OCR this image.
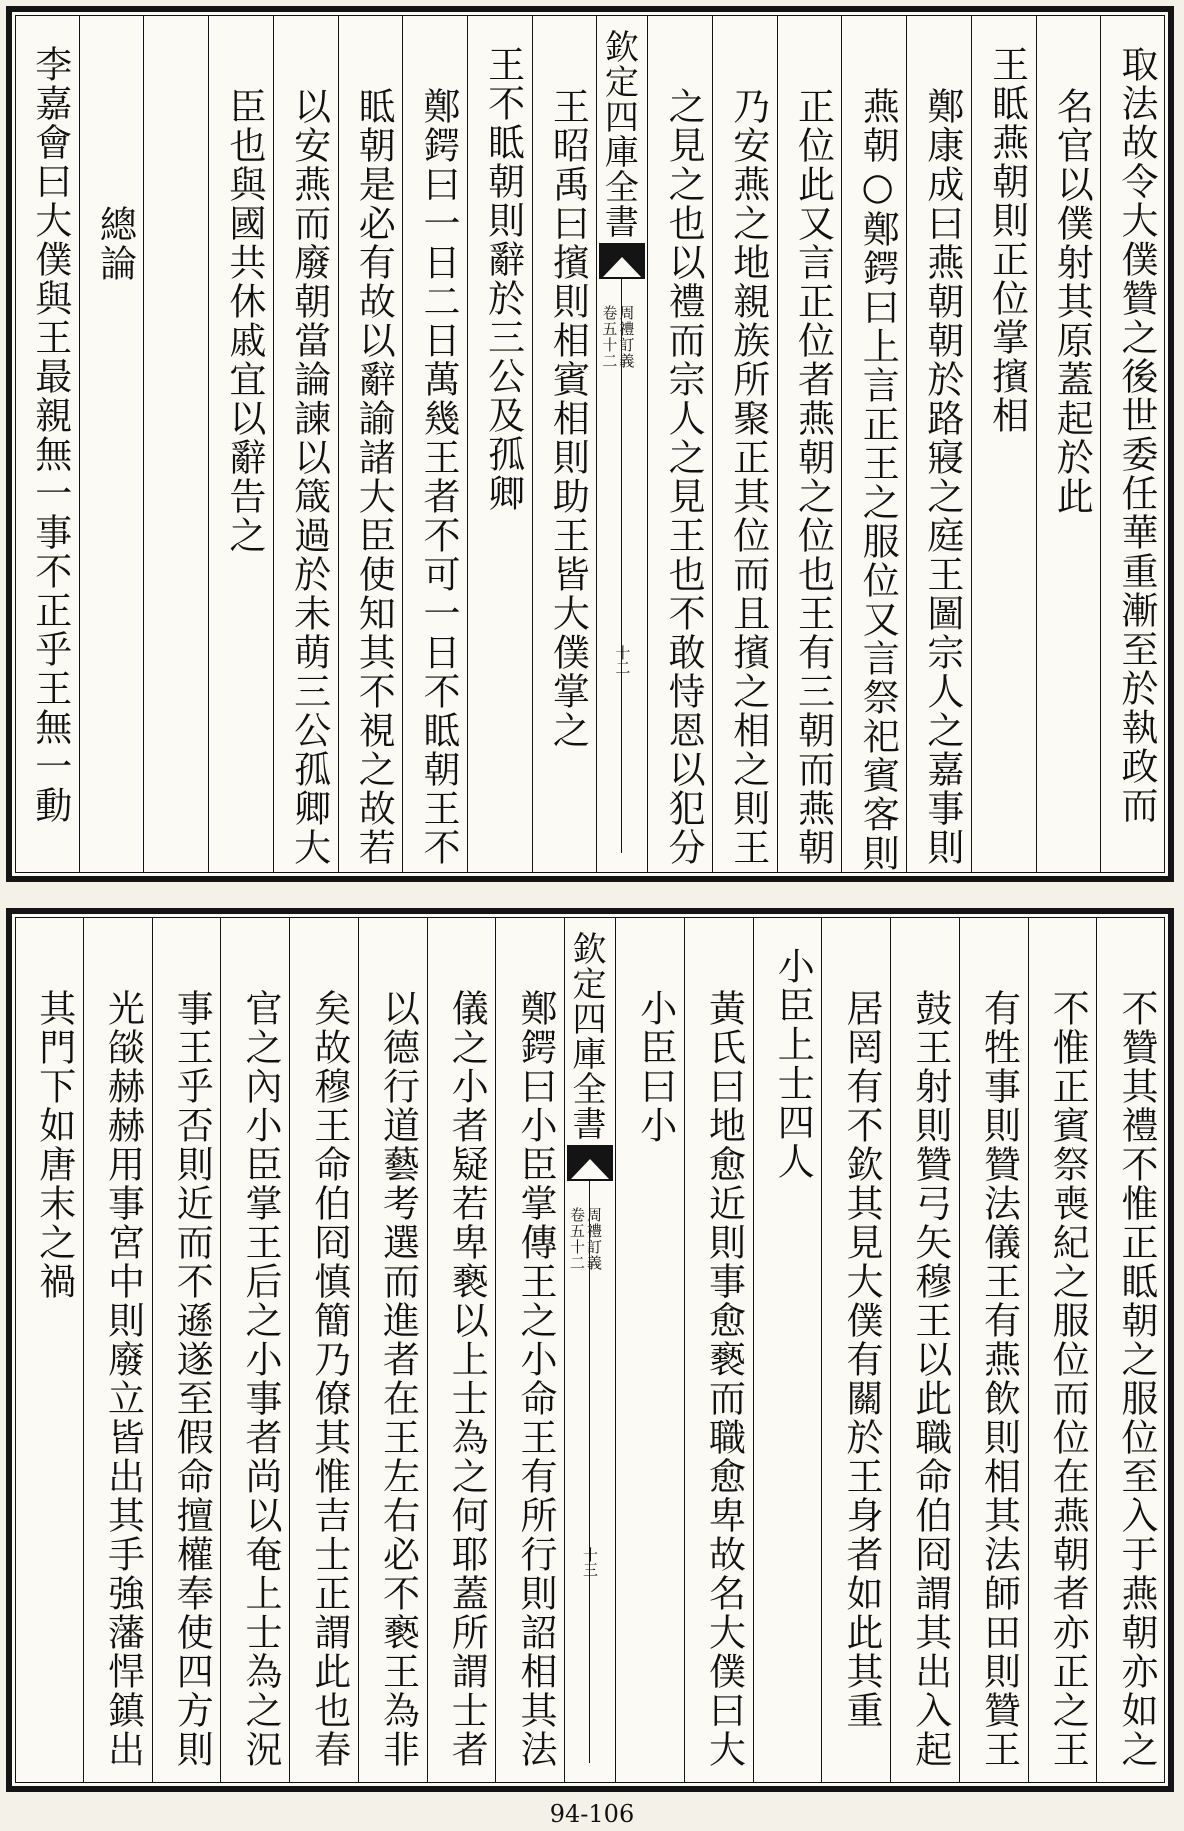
取法故令大僕贊之後世委任華重漸至於執政而
名官以僕射其原蓋起於此
王眡燕朝則正位掌擯相
鄭康成曰燕朝朝於路寢之庭王圖宗人之嘉事則
燕朝○鄭鍔曰上言正王之服位又言祭祀賓客則
正位此又言正位者燕朝之位也王有三朝而燕朝
乃安燕之地親族所聚正其位而且擯之相之則王
之見之也以禮而宗人之見王也不敢恃恩以犯分
欽定四庫全書
周禮訂義
卷五十二
十二
王昭禹曰擯則相賓相則助王皆大僕掌之
王不眡朝則辭於三公及孤卿
鄭鍔曰一日二日萬幾王者不可一日不眡朝王不
眡朝是必有故以辭諭諸大臣使知其不視之故若
以安燕而廢朝當論諫以箴過於未萌三公孤卿大
臣也與國共休戚宜以辭告之
總論
李嘉會曰大僕與王最親無一事不正乎王無一動
不贊其禮不惟正眡朝之服位至入于燕朝亦如之
不惟正賓祭喪紀之服位而位在燕朝者亦正之王
有牲事則贊法儀王有燕飲則相其法師田則贊王
鼓王射則贊弓矢穆王以此職命伯冏謂其出入起
居罔有不欽其見大僕有關於王身者如此其重
小臣上士四人
黃氏曰地愈近則事愈褻而職愈卑故名大僕曰大
小臣曰小
欽定四庫全書
周禮訂義
卷五十二
十三
鄭鍔曰小臣掌傳王之小命王有所行則詔相其法
儀之小者疑若卑褻以上士為之何耶蓋所謂士者
以德行道藝考選而進者在王左右必不褻王為非
矣故穆王命伯冏慎簡乃僚其惟吉士正謂此也春
官之內小臣掌王后之小事者尚以奄上士為之況
事王乎否則近而不遜遂至假命擅權奉使四方則
光燄赫赫用事宮中則廢立皆出其手強藩悍鎮出
其門下如唐末之禍
94-106
